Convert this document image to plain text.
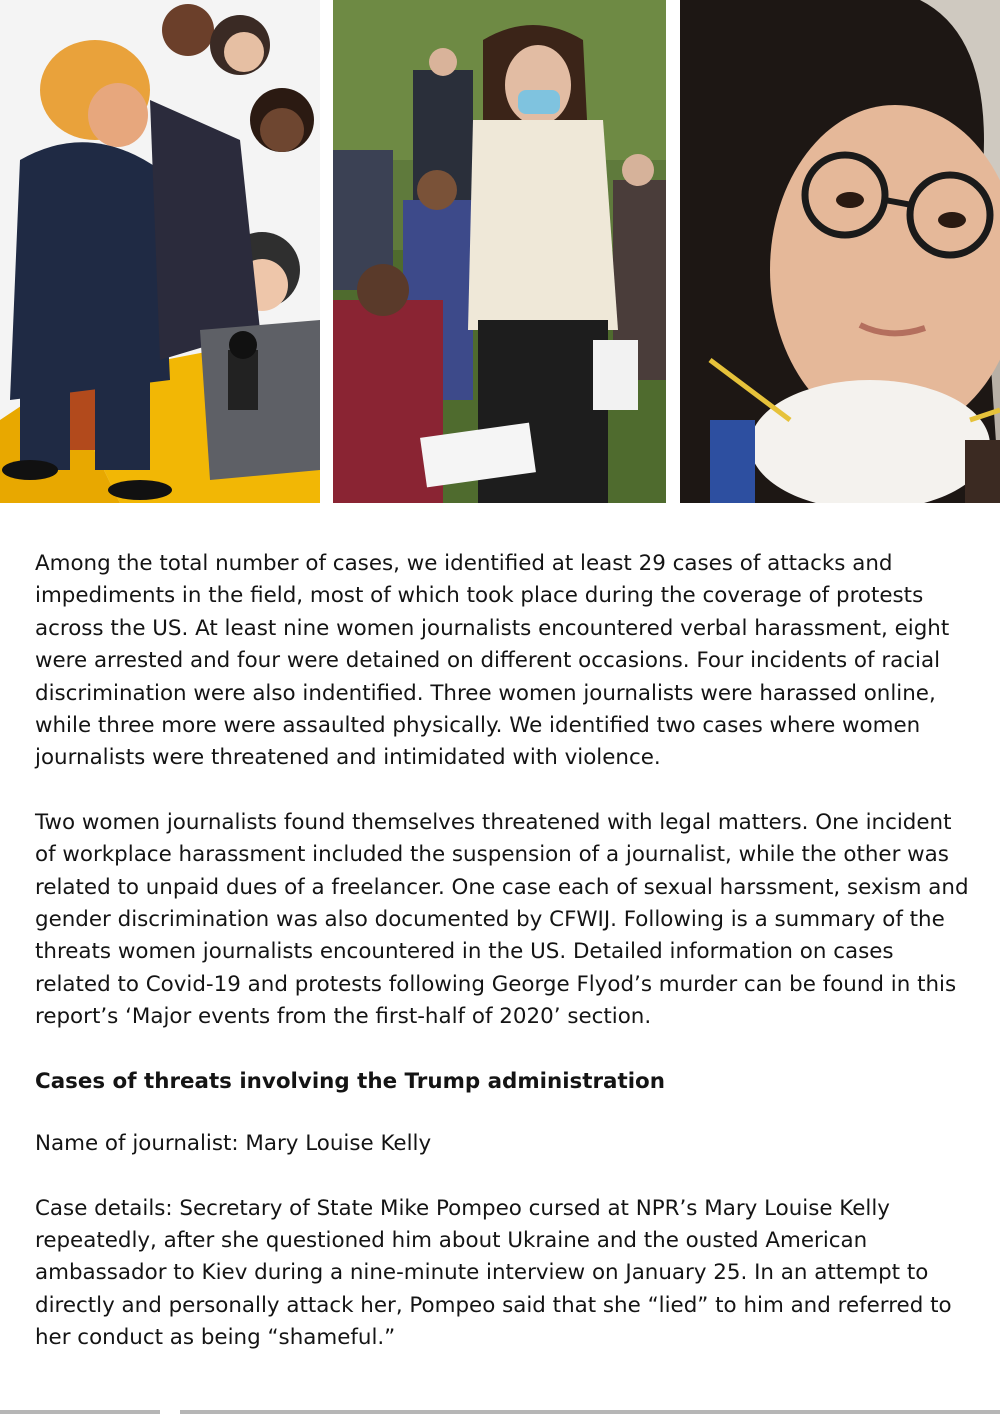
Among the total number of cases, we identified at least 29 cases of attacks and impediments in the field, most of which took place during the coverage of protests across the US. At least nine women journalists encountered verbal harassment, eight were arrested and four were detained on different occasions. Four incidents of racial discrimination were also indentified. Three women journalists were harassed online, while three more were assaulted physically. We identified two cases where women journalists were threatened and intimidated with violence.

Two women journalists found themselves threatened with legal matters. One incident of workplace harassment included the suspension of a journalist, while the other was related to unpaid dues of a freelancer. One case each of sexual harssment, sexism and gender discrimination was also documented by CFWIJ. Following is a summary of the threats women journalists encountered in the US. Detailed information on cases related to Covid-19 and protests following George Flyod’s murder can be found in this report’s ‘Major events from the first-half of 2020’ section.

Cases of threats involving the Trump administration

Name of journalist: Mary Louise Kelly

Case details: Secretary of State Mike Pompeo cursed at NPR’s Mary Louise Kelly repeatedly, after she questioned him about Ukraine and the ousted American ambassador to Kiev during a nine-minute interview on January 25. In an attempt to directly and personally attack her, Pompeo said that she “lied” to him and referred to her conduct as being “shameful.”
